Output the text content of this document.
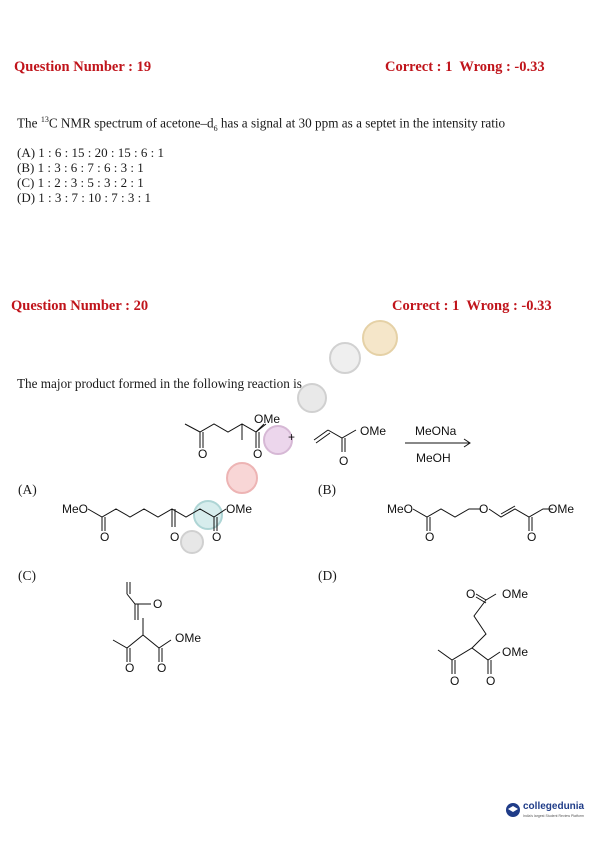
Question Number : 19	Correct : 1  Wrong : -0.33
The $^{13}$C NMR spectrum of acetone–$d_6$ has a signal at 30 ppm as a septet in the intensity ratio
(A) 1 : 6 : 15 : 20 : 15 : 6 : 1
(B) 1 : 3 : 6 : 7 : 6 : 3 : 1
(C) 1 : 2 : 3 : 5 : 3 : 2 : 1
(D) 1 : 3 : 7 : 10 : 7 : 3 : 1
Question Number : 20	Correct : 1  Wrong : -0.33
The major product formed in the following reaction is
O	O
OMe
+
O
OMe MeONa
MeOH
(A)	(B)
(C)	(D)
MeO
O	O	O
OMe	MeO
O
O
O
OMe
O
O O
OMe
O OMe
O O
OMe
collegedunia
India's largest Student Review Platform
